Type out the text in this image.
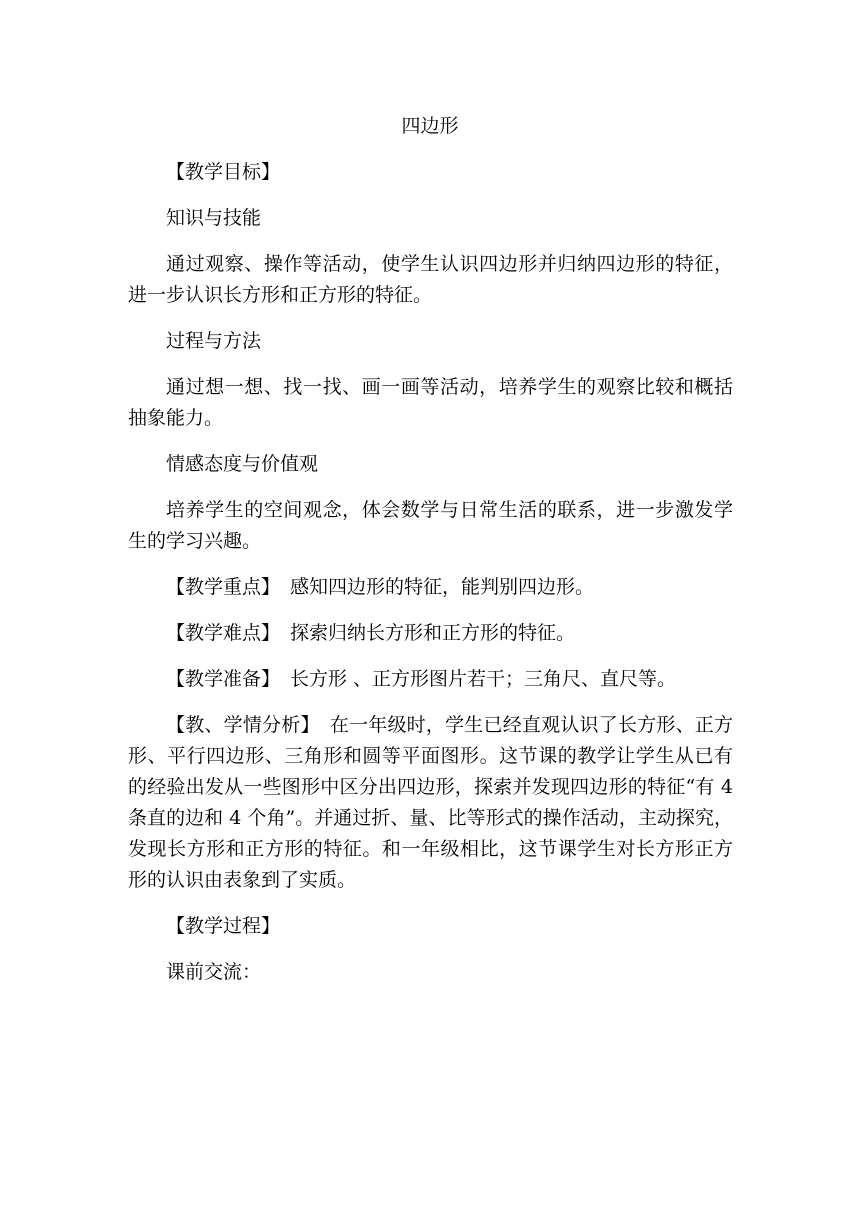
四边形

【教学目标】

知识与技能

通过观察、操作等活动，使学生认识四边形并归纳四边形的特征，进一步认识长方形和正方形的特征。

过程与方法

通过想一想、找一找、画一画等活动，培养学生的观察比较和概括抽象能力。

情感态度与价值观

培养学生的空间观念，体会数学与日常生活的联系，进一步激发学生的学习兴趣。

【教学重点】 感知四边形的特征，能判别四边形。

【教学难点】 探索归纳长方形和正方形的特征。

【教学准备】 长方形 、正方形图片若干；三角尺、直尺等。

【教、学情分析】 在一年级时，学生已经直观认识了长方形、正方形、平行四边形、三角形和圆等平面图形。这节课的教学让学生从已有的经验出发从一些图形中区分出四边形，探索并发现四边形的特征“有 4 条直的边和 4 个角”。并通过折、量、比等形式的操作活动，主动探究，发现长方形和正方形的特征。和一年级相比，这节课学生对长方形正方形的认识由表象到了实质。

【教学过程】

课前交流：
